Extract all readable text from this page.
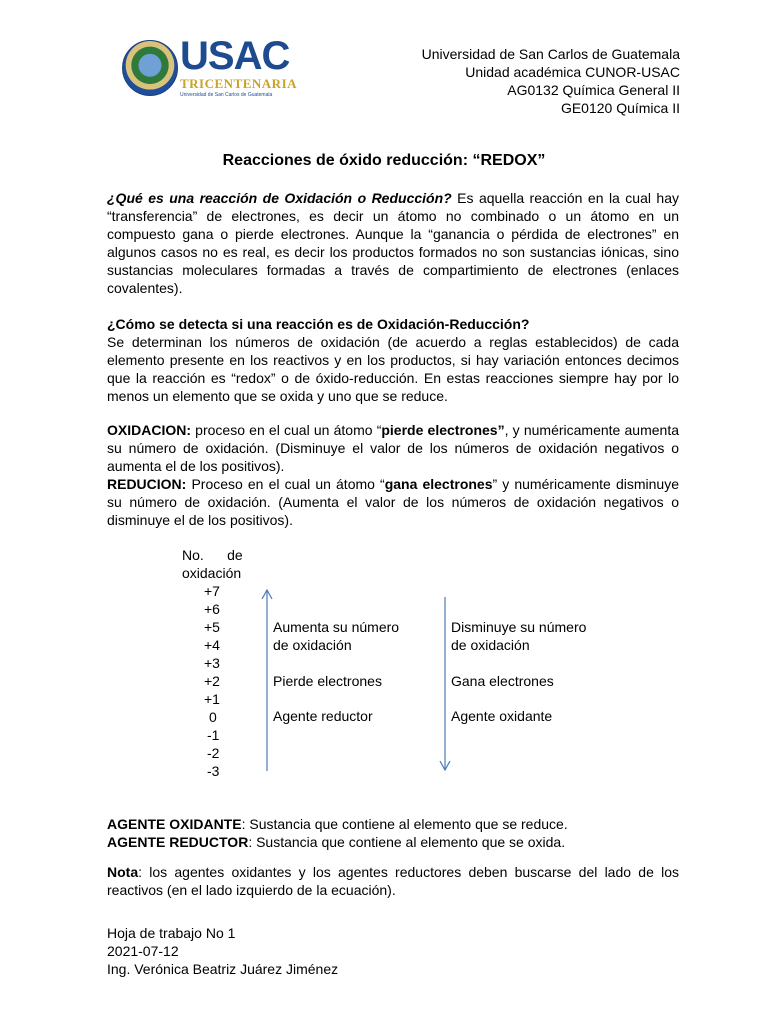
USAC
TRICENTENARIA
Universidad de San Carlos de Guatemala
Universidad de San Carlos de Guatemala
Unidad académica CUNOR-USAC
AG0132 Química General II
GE0120 Química II
Reacciones de óxido reducción: “REDOX”
¿Qué es una reacción de Oxidación o Reducción? Es aquella reacción en la cual hay “transferencia” de electrones, es decir un átomo no combinado o un átomo en un compuesto gana o pierde electrones. Aunque la “ganancia o pérdida de electrones” en algunos casos no es real, es decir los productos formados no son sustancias iónicas, sino sustancias moleculares formadas a través de compartimiento de electrones (enlaces covalentes).
¿Cómo se detecta si una reacción es de Oxidación-Reducción?
Se determinan los números de oxidación (de acuerdo a reglas establecidos) de cada elemento presente en los reactivos y en los productos, si hay variación entonces decimos que la reacción es “redox” o de óxido-reducción. En estas reacciones siempre hay por lo menos un elemento que se oxida y uno que se reduce.
OXIDACION: proceso en el cual un átomo “pierde electrones”, y numéricamente aumenta su número de oxidación. (Disminuye el valor de los números de oxidación negativos o aumenta el de los positivos).
REDUCION: Proceso en el cual un átomo “gana electrones” y numéricamente disminuye su número de oxidación. (Aumenta el valor de los números de oxidación negativos o disminuye el de los positivos).
No.      de
oxidación
+7
+6
+5
+4
+3
+2
+1
0
-1
-2
-3
Aumenta su número
de oxidación
Pierde electrones
Agente reductor
Disminuye su número
de oxidación
Gana electrones
Agente oxidante
AGENTE OXIDANTE: Sustancia que contiene al elemento que se reduce.
AGENTE REDUCTOR: Sustancia que contiene al elemento que se oxida.
Nota: los agentes oxidantes y los agentes reductores deben buscarse del lado de los reactivos (en el lado izquierdo de la ecuación).
Hoja de trabajo No 1
2021-07-12
Ing. Verónica Beatriz Juárez Jiménez
